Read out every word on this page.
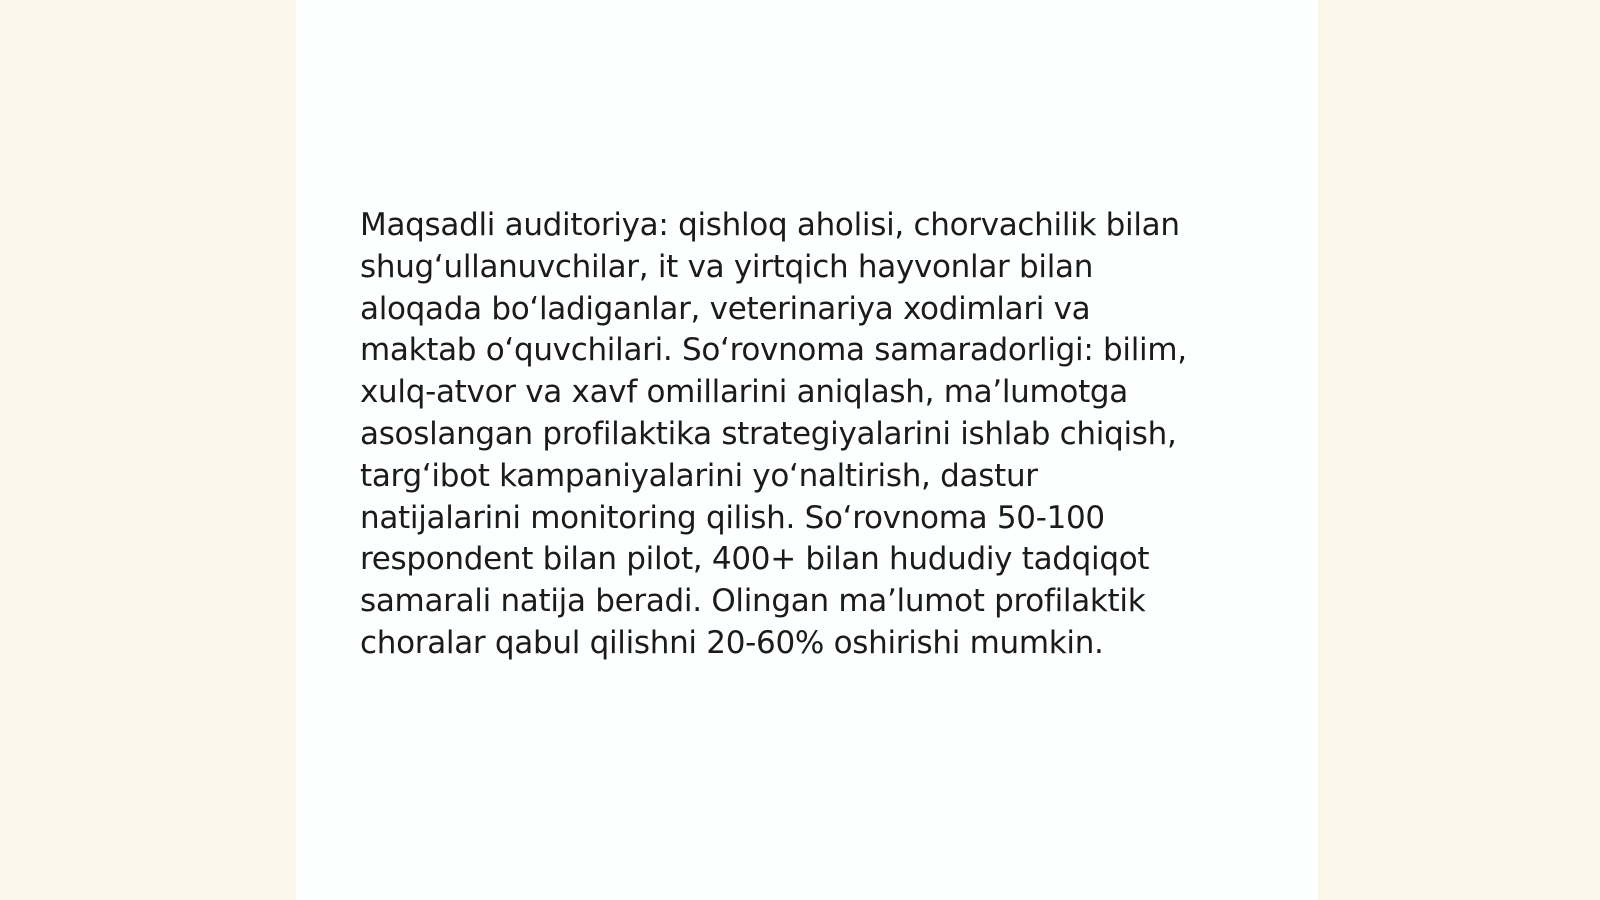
Maqsadli auditoriya: qishloq aholisi, chorvachilik bilan
shug‘ullanuvchilar, it va yirtqich hayvonlar bilan
aloqada bo‘ladiganlar, veterinariya xodimlari va
maktab o‘quvchilari. So‘rovnoma samaradorligi: bilim,
xulq-atvor va xavf omillarini aniqlash, ma’lumotga
asoslangan profilaktika strategiyalarini ishlab chiqish,
targ‘ibot kampaniyalarini yo‘naltirish, dastur
natijalarini monitoring qilish. So‘rovnoma 50-100
respondent bilan pilot, 400+ bilan hududiy tadqiqot
samarali natija beradi. Olingan ma’lumot profilaktik
choralar qabul qilishni 20-60% oshirishi mumkin.
